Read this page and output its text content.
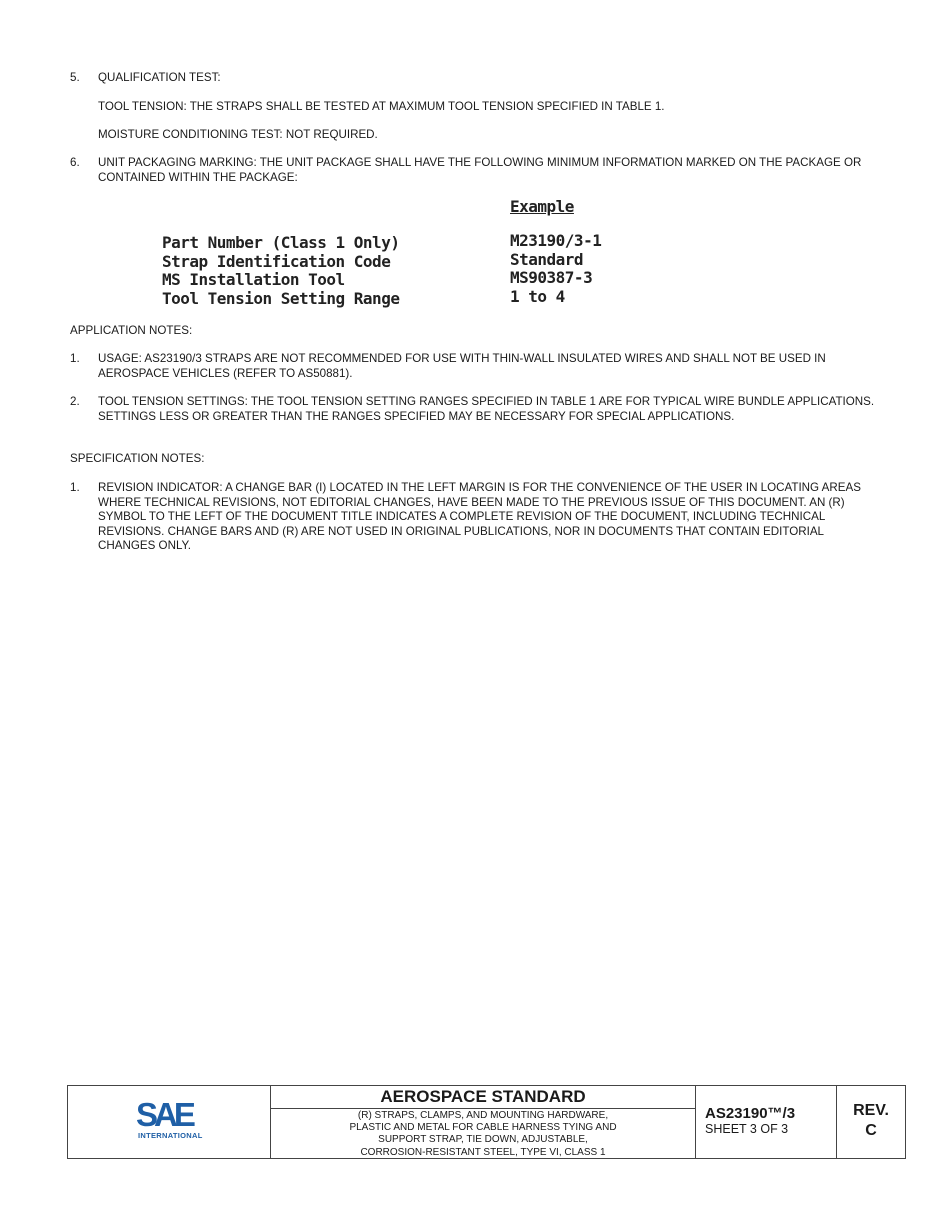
5. QUALIFICATION TEST:
TOOL TENSION: THE STRAPS SHALL BE TESTED AT MAXIMUM TOOL TENSION SPECIFIED IN TABLE 1.
MOISTURE CONDITIONING TEST: NOT REQUIRED.
6. UNIT PACKAGING MARKING: THE UNIT PACKAGE SHALL HAVE THE FOLLOWING MINIMUM INFORMATION MARKED ON THE PACKAGE OR CONTAINED WITHIN THE PACKAGE:
Example
Part Number (Class 1 Only)
Strap Identification Code
MS Installation Tool
Tool Tension Setting Range
M23190/3-1
Standard
MS90387-3
1 to 4
APPLICATION NOTES:
1. USAGE: AS23190/3 STRAPS ARE NOT RECOMMENDED FOR USE WITH THIN-WALL INSULATED WIRES AND SHALL NOT BE USED IN AEROSPACE VEHICLES (REFER TO AS50881).
2. TOOL TENSION SETTINGS: THE TOOL TENSION SETTING RANGES SPECIFIED IN TABLE 1 ARE FOR TYPICAL WIRE BUNDLE APPLICATIONS. SETTINGS LESS OR GREATER THAN THE RANGES SPECIFIED MAY BE NECESSARY FOR SPECIAL APPLICATIONS.
SPECIFICATION NOTES:
1. REVISION INDICATOR: A CHANGE BAR (I) LOCATED IN THE LEFT MARGIN IS FOR THE CONVENIENCE OF THE USER IN LOCATING AREAS WHERE TECHNICAL REVISIONS, NOT EDITORIAL CHANGES, HAVE BEEN MADE TO THE PREVIOUS ISSUE OF THIS DOCUMENT. AN (R) SYMBOL TO THE LEFT OF THE DOCUMENT TITLE INDICATES A COMPLETE REVISION OF THE DOCUMENT, INCLUDING TECHNICAL REVISIONS. CHANGE BARS AND (R) ARE NOT USED IN ORIGINAL PUBLICATIONS, NOR IN DOCUMENTS THAT CONTAIN EDITORIAL CHANGES ONLY.
SAE
INTERNATIONAL
AEROSPACE STANDARD
(R) STRAPS, CLAMPS, AND MOUNTING HARDWARE,
PLASTIC AND METAL FOR CABLE HARNESS TYING AND
SUPPORT STRAP, TIE DOWN, ADJUSTABLE,
CORROSION-RESISTANT STEEL, TYPE VI, CLASS 1
AS23190™/3
SHEET 3 OF 3
REV.
C
